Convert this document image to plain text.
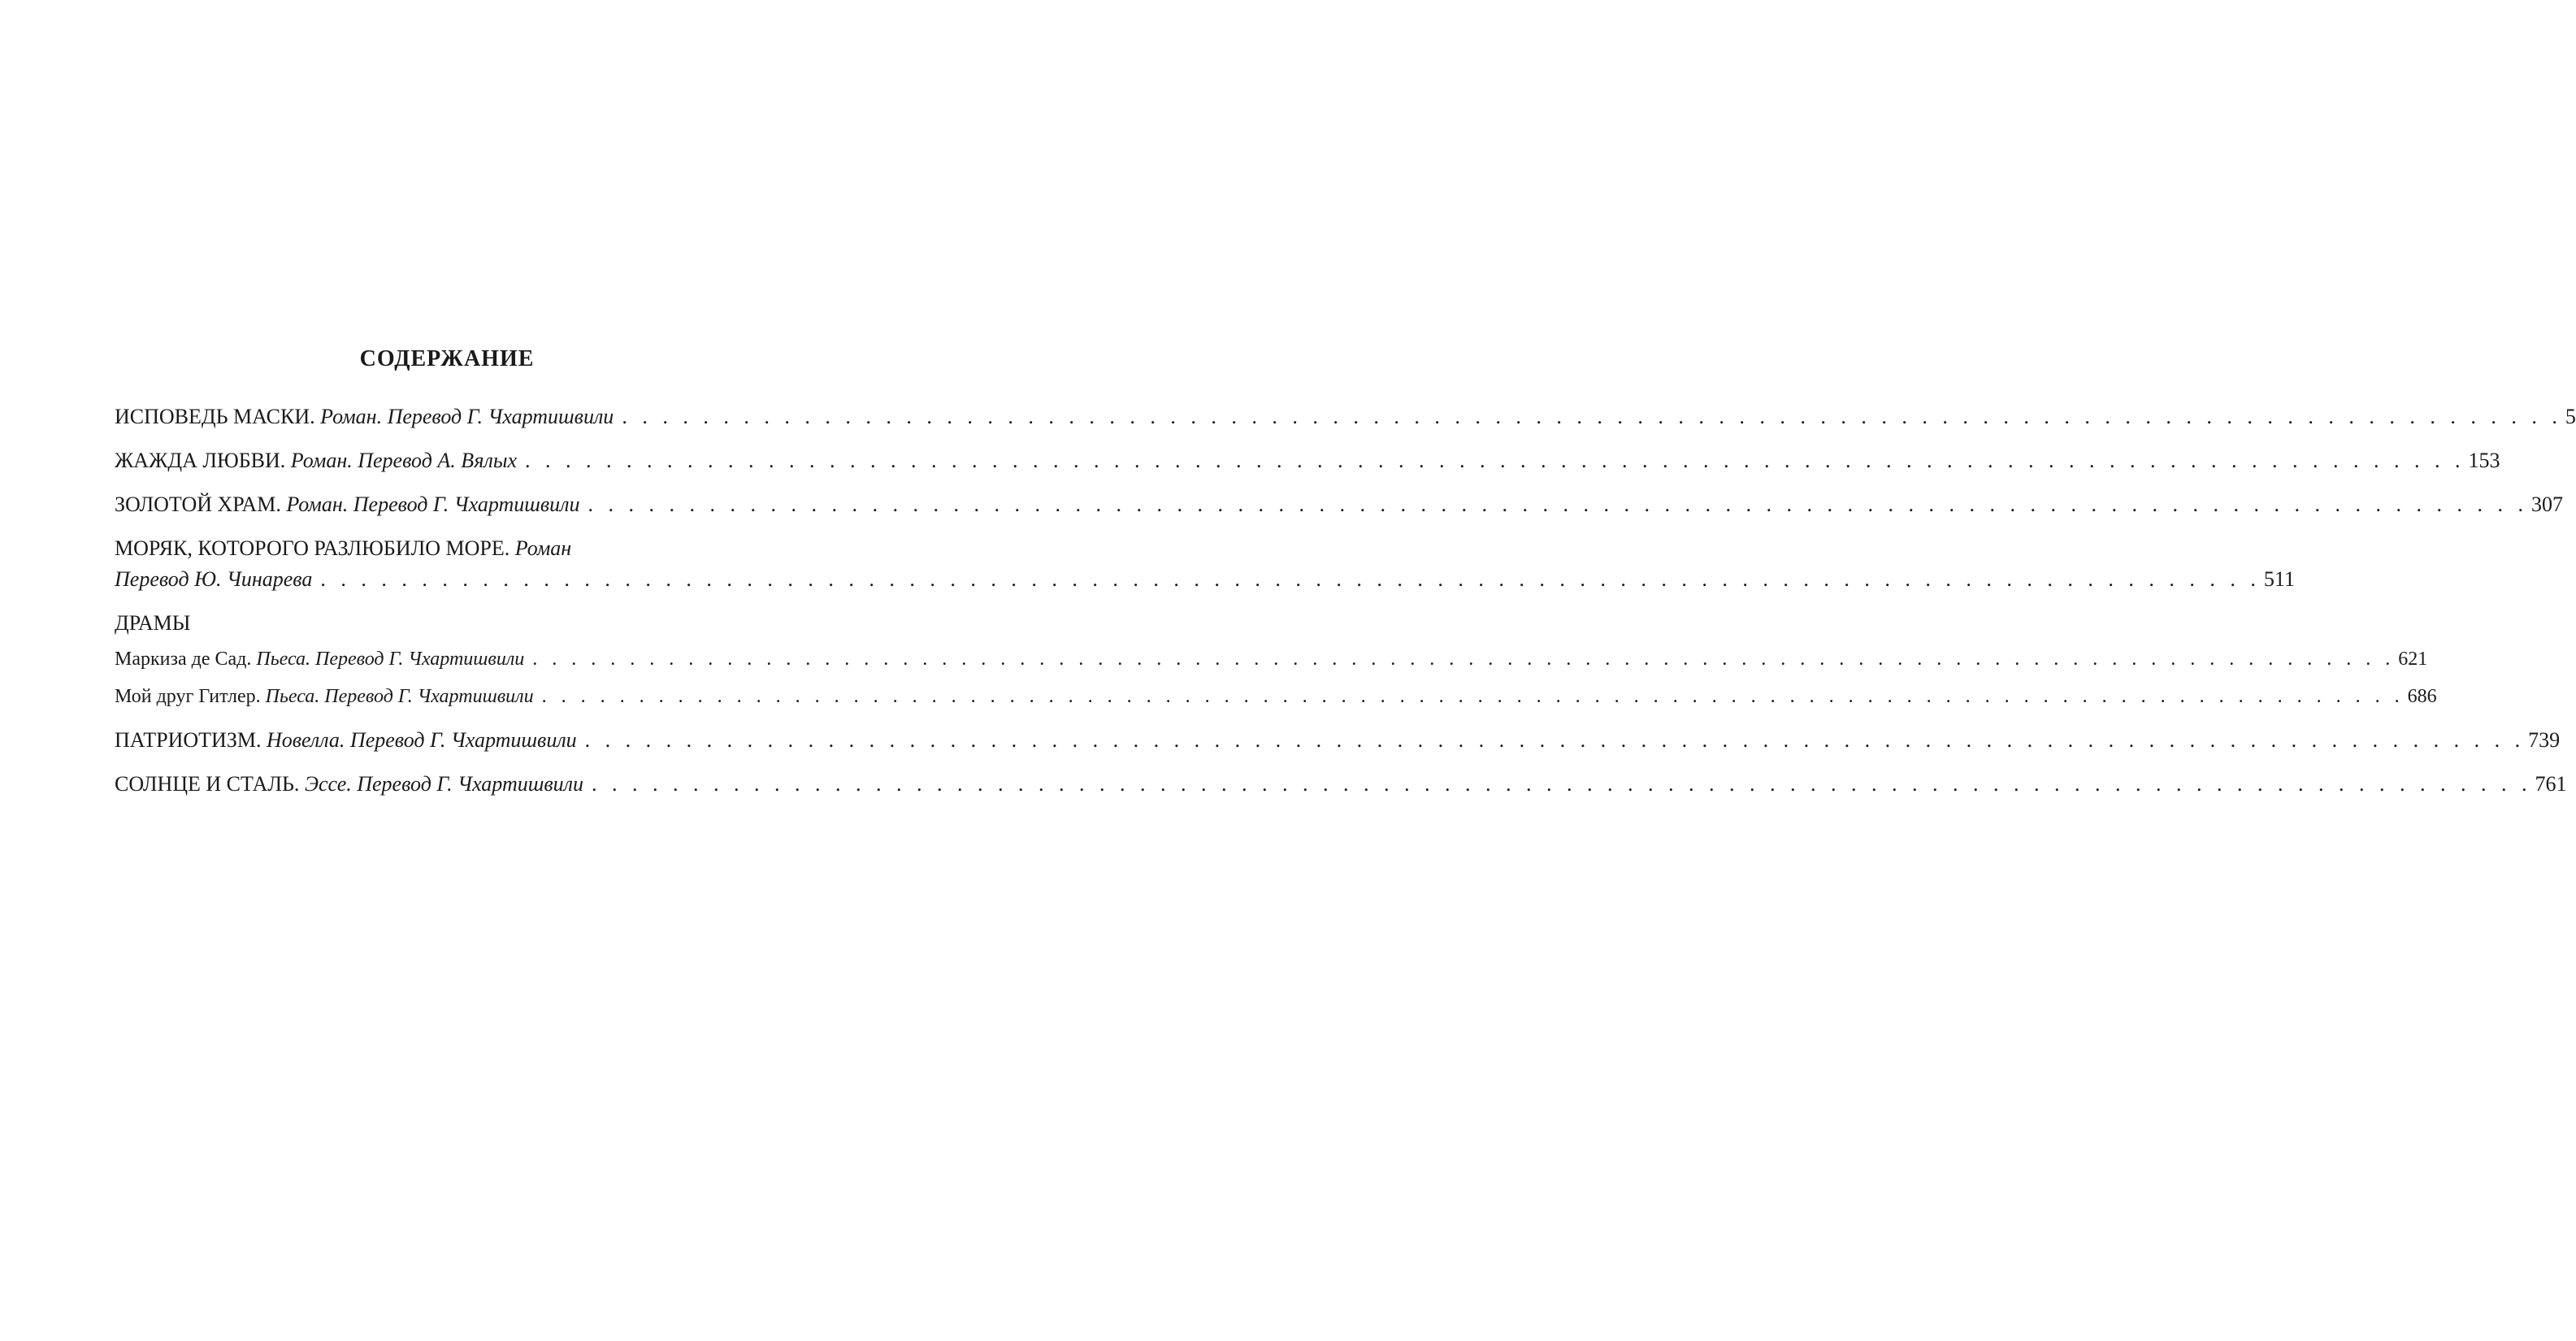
СОДЕРЖАНИЕ
ИСПОВЕДЬ МАСКИ.
Роман. Перевод Г. Чхартишвили . . . . . . . . . . . . . . . . . . . . . . . . . . . . . . . . . . . . . . . . . . . . . . . . . . . . . . . . . . . . . . . . . . . . . . . . . . . . . . . . . . . . . . . . . . . . . . . . 5
ЖАЖДА ЛЮБВИ.
Роман. Перевод А. Вялых . . . . . . . . . . . . . . . . . . . . . . . . . . . . . . . . . . . . . . . . . . . . . . . . . . . . . . . . . . . . . . . . . . . . . . . . . . . . . . . . . . . . . . . . . . . . . . . . 153
ЗОЛОТОЙ ХРАМ.
Роман. Перевод Г. Чхартишвили . . . . . . . . . . . . . . . . . . . . . . . . . . . . . . . . . . . . . . . . . . . . . . . . . . . . . . . . . . . . . . . . . . . . . . . . . . . . . . . . . . . . . . . . . . . . . . . . 307
МОРЯК, КОТОРОГО РАЗЛЮБИЛО МОРЕ.
Роман
Перевод Ю. Чинарева . . . . . . . . . . . . . . . . . . . . . . . . . . . . . . . . . . . . . . . . . . . . . . . . . . . . . . . . . . . . . . . . . . . . . . . . . . . . . . . . . . . . . . . . . . . . . . . . 511
ДРАМЫ
Маркиза де Сад.
Пьеса. Перевод Г. Чхартишвили . . . . . . . . . . . . . . . . . . . . . . . . . . . . . . . . . . . . . . . . . . . . . . . . . . . . . . . . . . . . . . . . . . . . . . . . . . . . . . . . . . . . . . . . . . . . . . . . 621
Мой друг Гитлер.
Пьеса. Перевод Г. Чхартишвили . . . . . . . . . . . . . . . . . . . . . . . . . . . . . . . . . . . . . . . . . . . . . . . . . . . . . . . . . . . . . . . . . . . . . . . . . . . . . . . . . . . . . . . . . . . . . . . . 686
ПАТРИОТИЗМ.
Новелла. Перевод Г. Чхартишвили . . . . . . . . . . . . . . . . . . . . . . . . . . . . . . . . . . . . . . . . . . . . . . . . . . . . . . . . . . . . . . . . . . . . . . . . . . . . . . . . . . . . . . . . . . . . . . . . 739
СОЛНЦЕ И СТАЛЬ.
Эссе. Перевод Г. Чхартишвили . . . . . . . . . . . . . . . . . . . . . . . . . . . . . . . . . . . . . . . . . . . . . . . . . . . . . . . . . . . . . . . . . . . . . . . . . . . . . . . . . . . . . . . . . . . . . . . . 761
